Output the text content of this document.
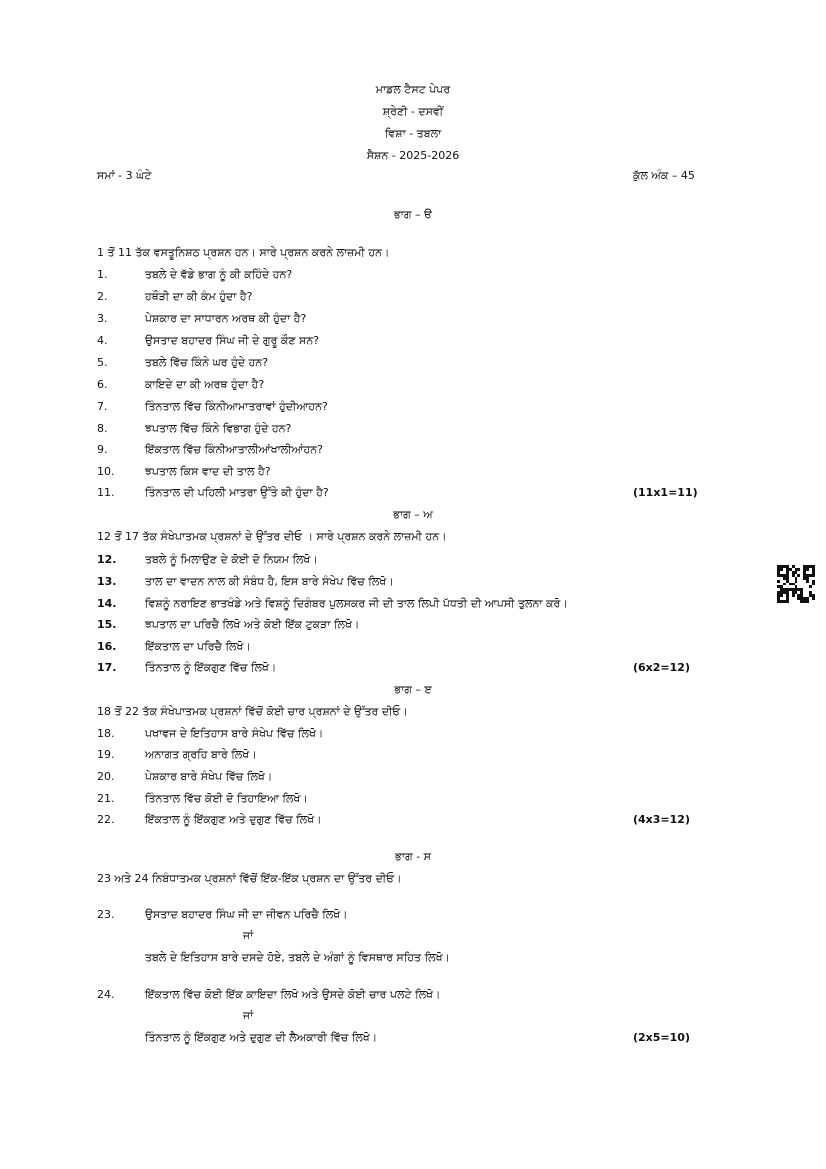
ਮਾਡਲ ਟੈਸਟ ਪੇਪਰ
ਸ਼੍ਰੇਣੀ - ਦਸਵੀਂ
ਵਿਸ਼ਾ - ਤਬਲਾ
ਸੈਸ਼ਨ - 2025-2026
ਸਮਾਂ - 3 ਘੰਟੇ	ਕੁੱਲ ਅੰਕ – 45
ਭਾਗ – ੳ
1 ਤੋਂ 11 ਤੱਕ ਵਸਤੂਨਿਸ਼ਠ ਪ੍ਰਸ਼ਨ ਹਨ। ਸਾਰੇ ਪ੍ਰਸ਼ਨ ਕਰਨੇ ਲਾਜ਼ਮੀ ਹਨ।
1.	ਤਬਲੇ ਦੇ ਵੱਡੇ ਭਾਗ ਨੂੰ ਕੀ ਕਹਿੰਦੇ ਹਨ?
2.	ਹਥੌੜੀ ਦਾ ਕੀ ਕੰਮ ਹੁੰਦਾ ਹੈ?
3.	ਪੇਸ਼ਕਾਰ ਦਾ ਸਾਧਾਰਨ ਅਰਥ ਕੀ ਹੁੰਦਾ ਹੈ?
4.	ਉਸਤਾਦ ਬਹਾਦਰ ਸਿੰਘ ਜੀ ਦੇ ਗੁਰੂ ਕੌਣ ਸਨ?
5.	ਤਬਲੇ ਵਿੱਚ ਕਿੰਨੇ ਘਰ ਹੁੰਦੇ ਹਨ?
6.	ਕਾਇਦੇ ਦਾ ਕੀ ਅਰਥ ਹੁੰਦਾ ਹੈ?
7.	ਤਿੰਨਤਾਲ ਵਿੱਚ ਕਿੰਨੀਆਮਾਤਰਾਵਾਂ ਹੁੰਦੀਆਹਨ?
8.	ਝਪਤਾਲ ਵਿੱਚ ਕਿੰਨੇ ਵਿਭਾਗ ਹੁੰਦੇ ਹਨ?
9.	ਇੱਕਤਾਲ ਵਿੱਚ ਕਿੰਨੀਆਤਾਲੀਆਂਖਾਲੀਆਂਹਨ?
10.	ਝਪਤਾਲ ਕਿਸ ਵਾਦ ਦੀ ਤਾਲ ਹੈ?
11.	ਤਿੰਨਤਾਲ ਦੀ ਪਹਿਲੀ ਮਾਤਰਾ ਉੱਤੇ ਕੀ ਹੁੰਦਾ ਹੈ?	(11x1=11)
ਭਾਗ – ਅ
12 ਤੋਂ 17 ਤੱਕ ਸੰਖੇਪਾਤਮਕ ਪ੍ਰਸ਼ਨਾਂ ਦੇ ਉੱਤਰ ਦੀਓ । ਸਾਰੇ ਪ੍ਰਸ਼ਨ ਕਰਨੇ ਲਾਜ਼ਮੀ ਹਨ।
12.	ਤਬਲੇ ਨੂੰ ਮਿਲਾਉਣ ਦੇ ਕੋਈ ਦੋ ਨਿਯਮ ਲਿਖੋ।
13.	ਤਾਲ ਦਾ ਵਾਦਨ ਨਾਲ ਕੀ ਸੰਬੰਧ ਹੈ, ਇਸ ਬਾਰੇ ਸੰਖੇਪ ਵਿੱਚ ਲਿਖੋ।
14.	ਵਿਸ਼ਨੂੰ ਨਰਾਇਣ ਭਾਤਖੰਡੇ ਅਤੇ ਵਿਸ਼ਨੂੰ ਦਿਗੰਬਰ ਪੁਲਸਕਰ ਜੀ ਦੀ ਤਾਲ ਲਿਪੀ ਪੱਧਤੀ ਦੀ ਆਪਸੀ ਤੁਲਨਾ ਕਰੋ।
15.	ਝਪਤਾਲ ਦਾ ਪਰਿਚੈ ਲਿਖੋ ਅਤੇ ਕੋਈ ਇੱਕ ਟੁਕੜਾ ਲਿਖੋ।
16.	ਇੱਕਤਾਲ ਦਾ ਪਰਿਚੈ ਲਿਖੋ।
17.	ਤਿੰਨਤਾਲ ਨੂੰ ਇੱਕਗੁਣ ਵਿੱਚ ਲਿਖੋ।	(6x2=12)
ਭਾਗ – ੲ
18 ਤੋਂ 22 ਤੱਕ ਸੰਖੇਪਾਤਮਕ ਪ੍ਰਸ਼ਨਾਂ ਵਿੱਚੋਂ ਕੋਈ ਚਾਰ ਪ੍ਰਸ਼ਨਾਂ ਦੇ ਉੱਤਰ ਦੀਓ।
18.	ਪਖਾਵਜ ਦੇ ਇਤਿਹਾਸ ਬਾਰੇ ਸੰਖੇਪ ਵਿੱਚ ਲਿਖੋ।
19.	ਅਨਾਗਤ ਗ੍ਰਹਿ ਬਾਰੇ ਲਿਖੋ।
20.	ਪੇਸ਼ਕਾਰ ਬਾਰੇ ਸੰਖੇਪ ਵਿੱਚ ਲਿਖੋ।
21.	ਤਿੰਨਤਾਲ ਵਿੱਚ ਕੋਈ ਦੋ ਤਿਹਾਇਆ ਲਿਖੋ।
22.	ਇੱਕਤਾਲ ਨੂੰ ਇੱਕਗੁਣ ਅਤੇ ਦੁਗੁਣ ਵਿੱਚ ਲਿਖੋ।	(4x3=12)
ਭਾਗ - ਸ
23 ਅਤੇ 24 ਨਿਬੰਧਾਤਮਕ ਪ੍ਰਸ਼ਨਾਂ ਵਿੱਚੋਂ ਇੱਕ-ਇੱਕ ਪ੍ਰਸ਼ਨ ਦਾ ਉੱਤਰ ਦੀਓ।
23.	ਉਸਤਾਦ ਬਹਾਦਰ ਸਿੰਘ ਜੀ ਦਾ ਜੀਵਨ ਪਰਿਚੈ ਲਿਖੋ।
ਜਾਂ
ਤਬਲੇ ਦੇ ਇਤਿਹਾਸ ਬਾਰੇ ਦਸਦੇ ਹੋਏ, ਤਬਲੇ ਦੇ ਅੰਗਾਂ ਨੂੰ ਵਿਸਥਾਰ ਸਹਿਤ ਲਿਖੋ।
24.	ਇੱਕਤਾਲ ਵਿੱਚ ਕੋਈ ਇੱਕ ਕਾਇਦਾ ਲਿਖੋ ਅਤੇ ਉਸਦੇ ਕੋਈ ਚਾਰ ਪਲਟੇ ਲਿਖੋ।
ਜਾਂ
ਤਿੰਨਤਾਲ ਨੂੰ ਇੱਕਗੁਣ ਅਤੇ ਦੁਗੁਣ ਦੀ ਲੈਅਕਾਰੀ ਵਿੱਚ ਲਿਖੋ।	(2x5=10)
